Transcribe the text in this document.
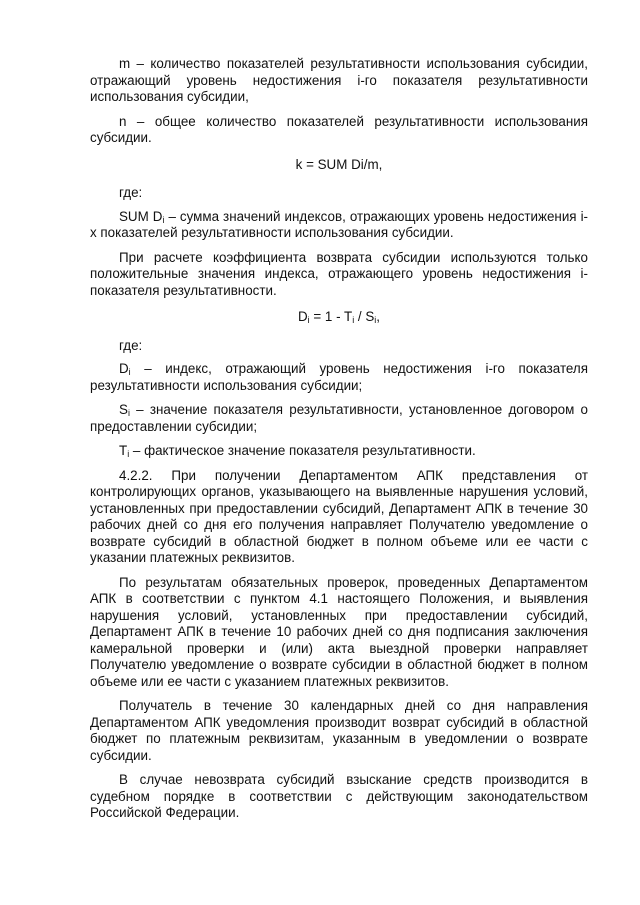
m – количество показателей результативности использования субсидии, отражающий уровень недостижения i-го показателя результативности использования субсидии,

n – общее количество показателей результативности использования субсидии.

k = SUM Di/m,

где:

SUM $D_i$ – сумма значений индексов, отражающих уровень недостижения i-х показателей результативности использования субсидии.

При расчете коэффициента возврата субсидии используются только положительные значения индекса, отражающего уровень недостижения i-показателя результативности.

$D_i = 1 - T_i / S_i$,

где:

$D_i$ – индекс, отражающий уровень недостижения i-го показателя результативности использования субсидии;

$S_i$ – значение показателя результативности, установленное договором о предоставлении субсидии;

$T_i$ – фактическое значение показателя результативности.

4.2.2. При получении Департаментом АПК представления от контролирующих органов, указывающего на выявленные нарушения условий, установленных при предоставлении субсидий, Департамент АПК в течение 30 рабочих дней со дня его получения направляет Получателю уведомление о возврате субсидий в областной бюджет в полном объеме или ее части с указании платежных реквизитов.

По результатам обязательных проверок, проведенных Департаментом АПК в соответствии с пунктом 4.1 настоящего Положения, и выявления нарушения условий, установленных при предоставлении субсидий, Департамент АПК в течение 10 рабочих дней со дня подписания заключения камеральной проверки и (или) акта выездной проверки направляет Получателю уведомление о возврате субсидии в областной бюджет в полном объеме или ее части с указанием платежных реквизитов.

Получатель в течение 30 календарных дней со дня направления Департаментом АПК уведомления производит возврат субсидий в областной бюджет по платежным реквизитам, указанным в уведомлении о возврате субсидии.

В случае невозврата субсидий взыскание средств производится в судебном порядке в соответствии с действующим законодательством Российской Федерации.
